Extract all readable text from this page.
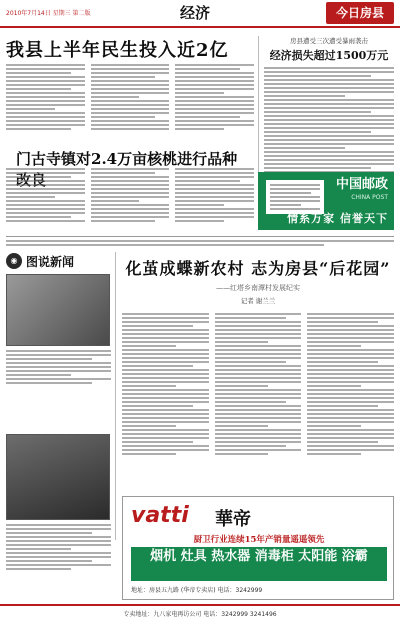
2010年7月14日 星期三 第二版	经济	今日房县
我县上半年民生投入近2亿
门古寺镇对2.4万亩核桃进行品种
房县遭受三次遭受暴雨袭击
经济损失超过1500万元
中国邮政
CHINA POST
情系万家 信誉天下
◉ 图说新闻	化茧成蝶新农村 志为房县“后花园”
——红塔乡南潭村发展纪实
记者 谢兰兰
vatti 華帝
厨卫行业连续15年产销量遥遥领先
烟机 灶具 热水器 消毒柜 太阳能 浴霸
地址：房县五九路 (华帝专卖店) 电话：3242999
专卖地址：九八家电再访公司 电话：3242999 3241496
